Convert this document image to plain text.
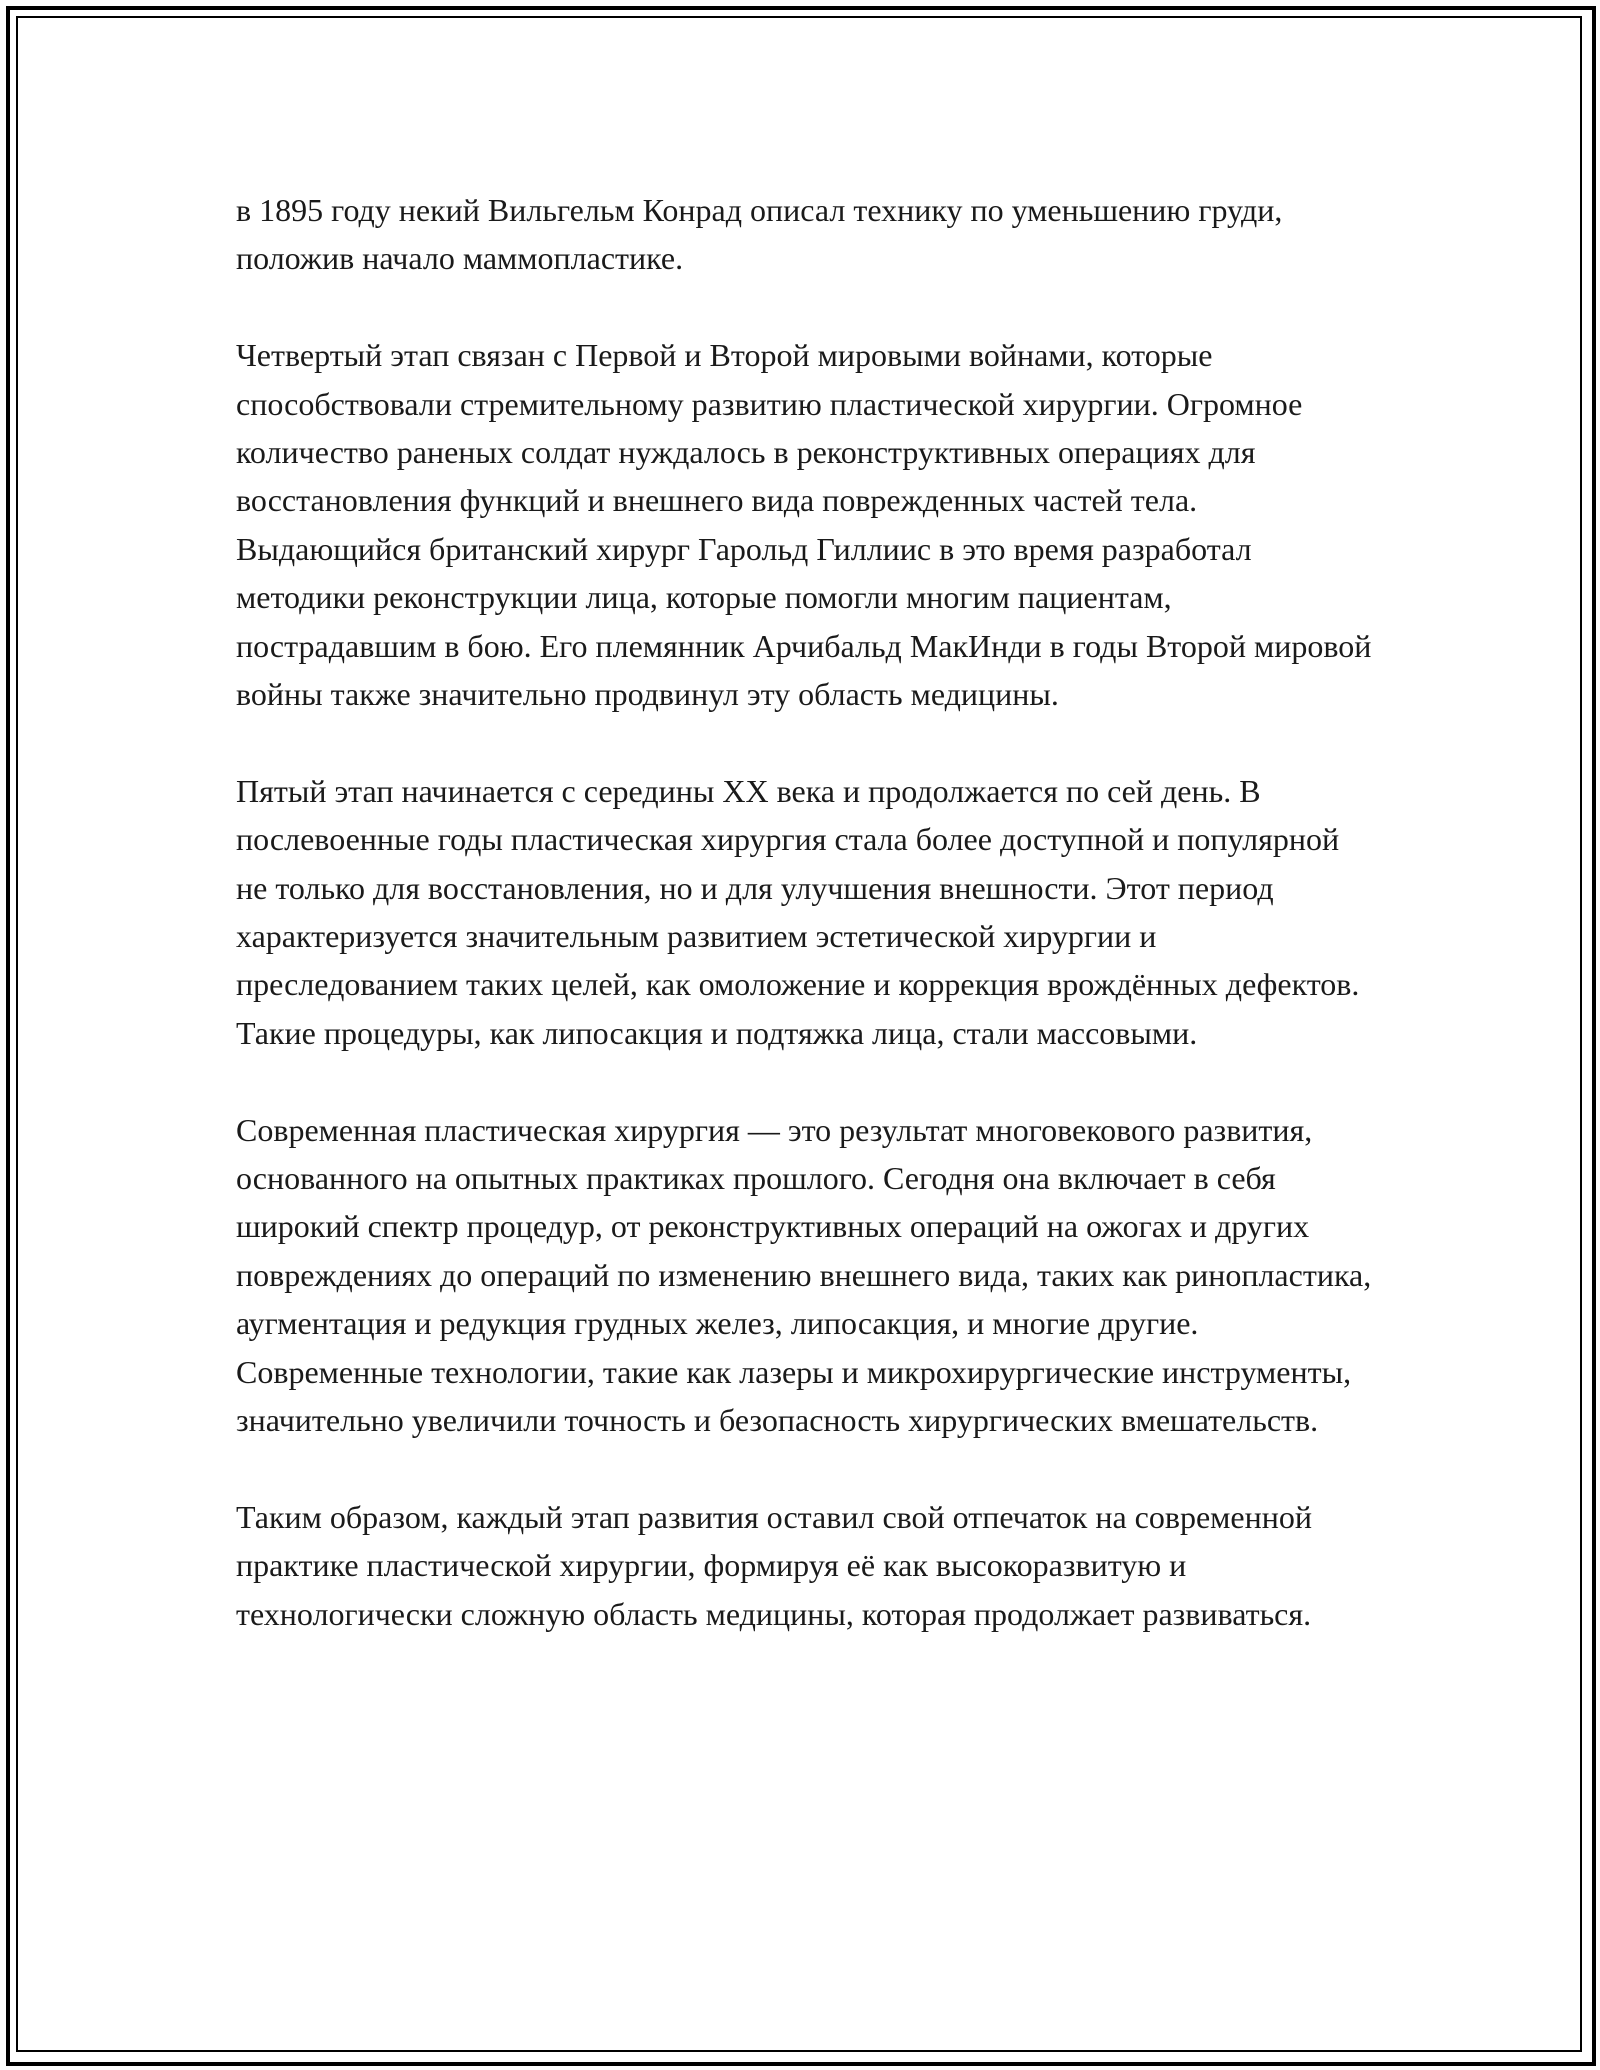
в 1895 году некий Вильгельм Конрад описал технику по уменьшению груди, положив начало маммопластике.

Четвертый этап связан с Первой и Второй мировыми войнами, которые способствовали стремительному развитию пластической хирургии. Огромное количество раненых солдат нуждалось в реконструктивных операциях для восстановления функций и внешнего вида поврежденных частей тела. Выдающийся британский хирург Гарольд Гиллиис в это время разработал методики реконструкции лица, которые помогли многим пациентам, пострадавшим в бою. Его племянник Арчибальд МакИнди в годы Второй мировой войны также значительно продвинул эту область медицины.

Пятый этап начинается с середины XX века и продолжается по сей день. В послевоенные годы пластическая хирургия стала более доступной и популярной не только для восстановления, но и для улучшения внешности. Этот период характеризуется значительным развитием эстетической хирургии и преследованием таких целей, как омоложение и коррекция врождённых дефектов. Такие процедуры, как липосакция и подтяжка лица, стали массовыми.

Современная пластическая хирургия — это результат многовекового развития, основанного на опытных практиках прошлого. Сегодня она включает в себя широкий спектр процедур, от реконструктивных операций на ожогах и других повреждениях до операций по изменению внешнего вида, таких как ринопластика, аугментация и редукция грудных желез, липосакция, и многие другие. Современные технологии, такие как лазеры и микрохирургические инструменты, значительно увеличили точность и безопасность хирургических вмешательств.

Таким образом, каждый этап развития оставил свой отпечаток на современной практике пластической хирургии, формируя её как высокоразвитую и технологически сложную область медицины, которая продолжает развиваться.
